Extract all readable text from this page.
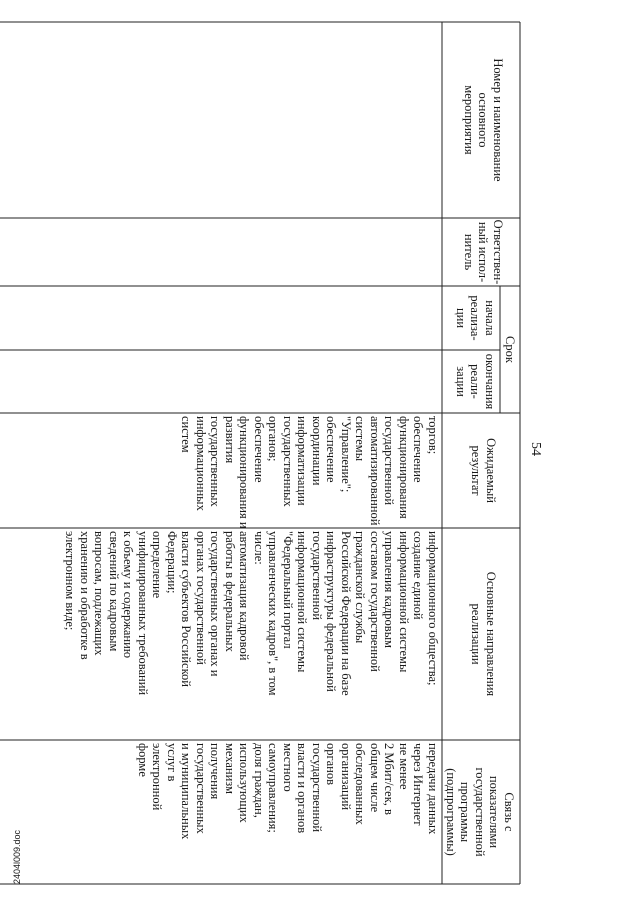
54
Номер и наименование
основного
мероприятия
Ответствен-
ный испол-
нитель
Срок
начала
реализа-
ции
окончания
реали-
зации
Ожидаемый
результат
Основные направления
реализации
Связь с
показателями
государственной
программы
(подпрограммы)
торгов;
обеспечение
функционирования
государственной
автоматизированной
системы
"Управление";
обеспечение
координации
информатизации
государственных
органов;
обеспечение
функционирования и
развития
государственных
информационных
систем
информационного общества;
создание единой
информационной системы
управления кадровым
составом государственной
гражданской службы
Российской Федерации на базе
инфраструктуры федеральной
государственной
информационной системы
"Федеральный портал
управленческих кадров", в том
числе:
автоматизация кадровой
работы в федеральных
государственных органах и
органах государственной
власти субъектов Российской
Федерации;
определение
унифицированных требований
к объему и содержанию
сведений по кадровым
вопросам, подлежащих
хранению и обработке в
электронном виде;
передачи данных
через Интернет
не менее
2 Мбит/сек, в
общем числе
обследованных
организаций
органов
государственной
власти и органов
местного
самоуправления;
доля граждан,
использующих
механизм
получения
государственных
и муниципальных
услуг в
электронной
форме

2404l009.doc
